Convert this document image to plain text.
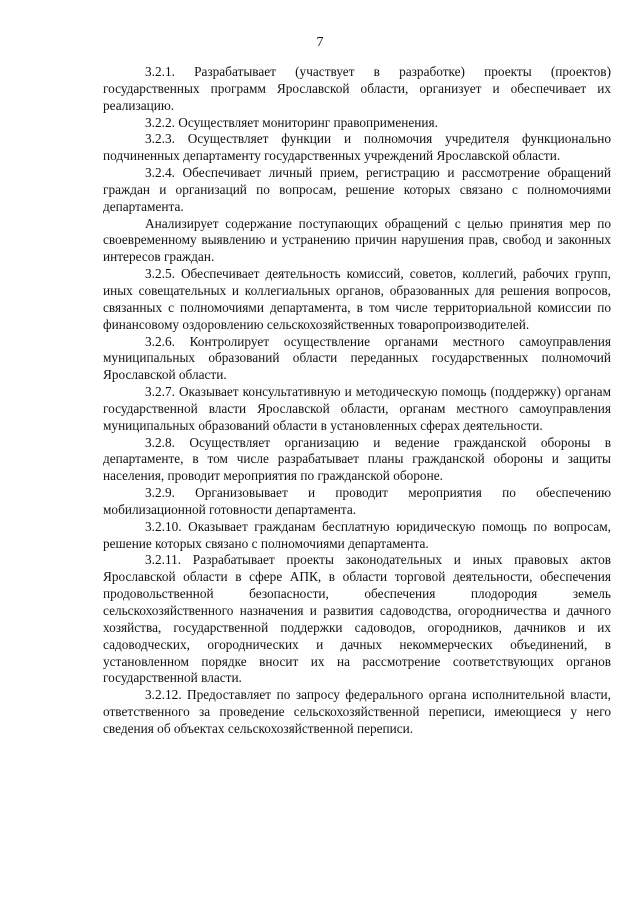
7

3.2.1. Разрабатывает (участвует в разработке) проекты (проектов) государственных программ Ярославской области, организует и обеспечивает их реализацию.

3.2.2. Осуществляет мониторинг правоприменения.

3.2.3. Осуществляет функции и полномочия учредителя функционально подчиненных департаменту государственных учреждений Ярославской области.

3.2.4. Обеспечивает личный прием, регистрацию и рассмотрение обращений граждан и организаций по вопросам, решение которых связано с полномочиями департамента.

Анализирует содержание поступающих обращений с целью принятия мер по своевременному выявлению и устранению причин нарушения прав, свобод и законных интересов граждан.

3.2.5. Обеспечивает деятельность комиссий, советов, коллегий, рабочих групп, иных совещательных и коллегиальных органов, образованных для решения вопросов, связанных с полномочиями департамента, в том числе территориальной комиссии по финансовому оздоровлению сельскохозяйственных товаропроизводителей.

3.2.6. Контролирует осуществление органами местного самоуправления муниципальных образований области переданных государственных полномочий Ярославской области.

3.2.7. Оказывает консультативную и методическую помощь (поддержку) органам государственной власти Ярославской области, органам местного самоуправления муниципальных образований области в установленных сферах деятельности.

3.2.8. Осуществляет организацию и ведение гражданской обороны в департаменте, в том числе разрабатывает планы гражданской обороны и защиты населения, проводит мероприятия по гражданской обороне.

3.2.9. Организовывает и проводит мероприятия по обеспечению мобилизационной готовности департамента.

3.2.10. Оказывает гражданам бесплатную юридическую помощь по вопросам, решение которых связано с полномочиями департамента.

3.2.11. Разрабатывает проекты законодательных и иных правовых актов Ярославской области в сфере АПК, в области торговой деятельности, обеспечения продовольственной безопасности, обеспечения плодородия земель сельскохозяйственного назначения и развития садоводства, огородничества и дачного хозяйства, государственной поддержки садоводов, огородников, дачников и их садоводческих, огороднических и дачных некоммерческих объединений, в установленном порядке вносит их на рассмотрение соответствующих органов государственной власти.

3.2.12. Предоставляет по запросу федерального органа исполнительной власти, ответственного за проведение сельскохозяйственной переписи, имеющиеся у него сведения об объектах сельскохозяйственной переписи.
